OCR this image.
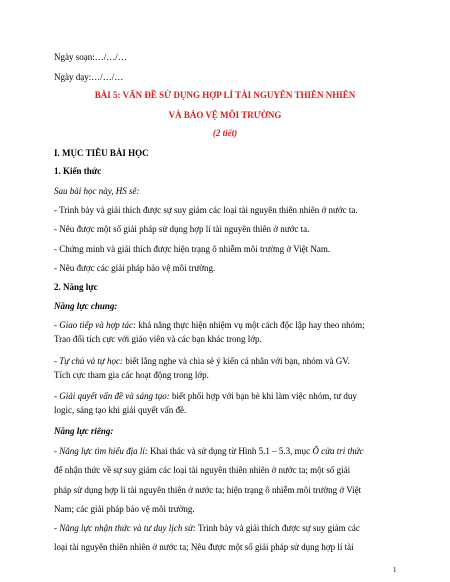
Ngày soạn:…/…/…
Ngày dạy:…/…/…
BÀI 5: VẤN ĐỀ SỬ DỤNG HỢP LÍ TÀI NGUYÊN THIÊN NHIÊN
VÀ BẢO VỆ MÔI TRƯỜNG
(2 tiết)
I. MỤC TIÊU BÀI HỌC
1. Kiến thức
Sau bài học này, HS sẽ:
- Trình bày và giải thích được sự suy giảm các loại tài nguyên thiên nhiên ở nước ta.
- Nêu được một số giải pháp sử dụng hợp lí tài nguyên thiên ở nước ta.
- Chứng minh và giải thích được hiện trạng ô nhiễm môi trường ở Việt Nam.
- Nêu được các giải pháp bảo vệ môi trường.
2. Năng lực
Năng lực chung:
- Giao tiếp và hợp tác: khả năng thực hiện nhiệm vụ một cách độc lập hay theo nhóm;
Trao đổi tích cực với giáo viên và các bạn khác trong lớp.
- Tự chủ và tự học: biết lắng nghe và chia sẻ ý kiến cá nhân với bạn, nhóm và GV.
Tích cực tham gia các hoạt động trong lớp.
- Giải quyết vấn đề và sáng tạo: biết phối hợp với bạn bè khi làm việc nhóm, tư duy
logic, sáng tạo khi giải quyết vấn đề.
Năng lực riêng:
- Năng lực tìm hiểu địa lí: Khai thác và sử dụng từ Hình 5.1 – 5.3, mục Ô cửa tri thức
để nhận thức về sự suy giảm các loại tài nguyên thiên nhiên ở nước ta; một số giải
pháp sử dụng hợp lí tài nguyên thiên ở nước ta; hiện trạng ô nhiễm môi trường ở Việt
Nam; các giải pháp bảo vệ môi trường.
- Năng lực nhận thức và tư duy lịch sử: Trình bày và giải thích được sự suy giảm các
loại tài nguyên thiên nhiên ở nước ta; Nêu được một số giải pháp sử dụng hợp lí tài
1
